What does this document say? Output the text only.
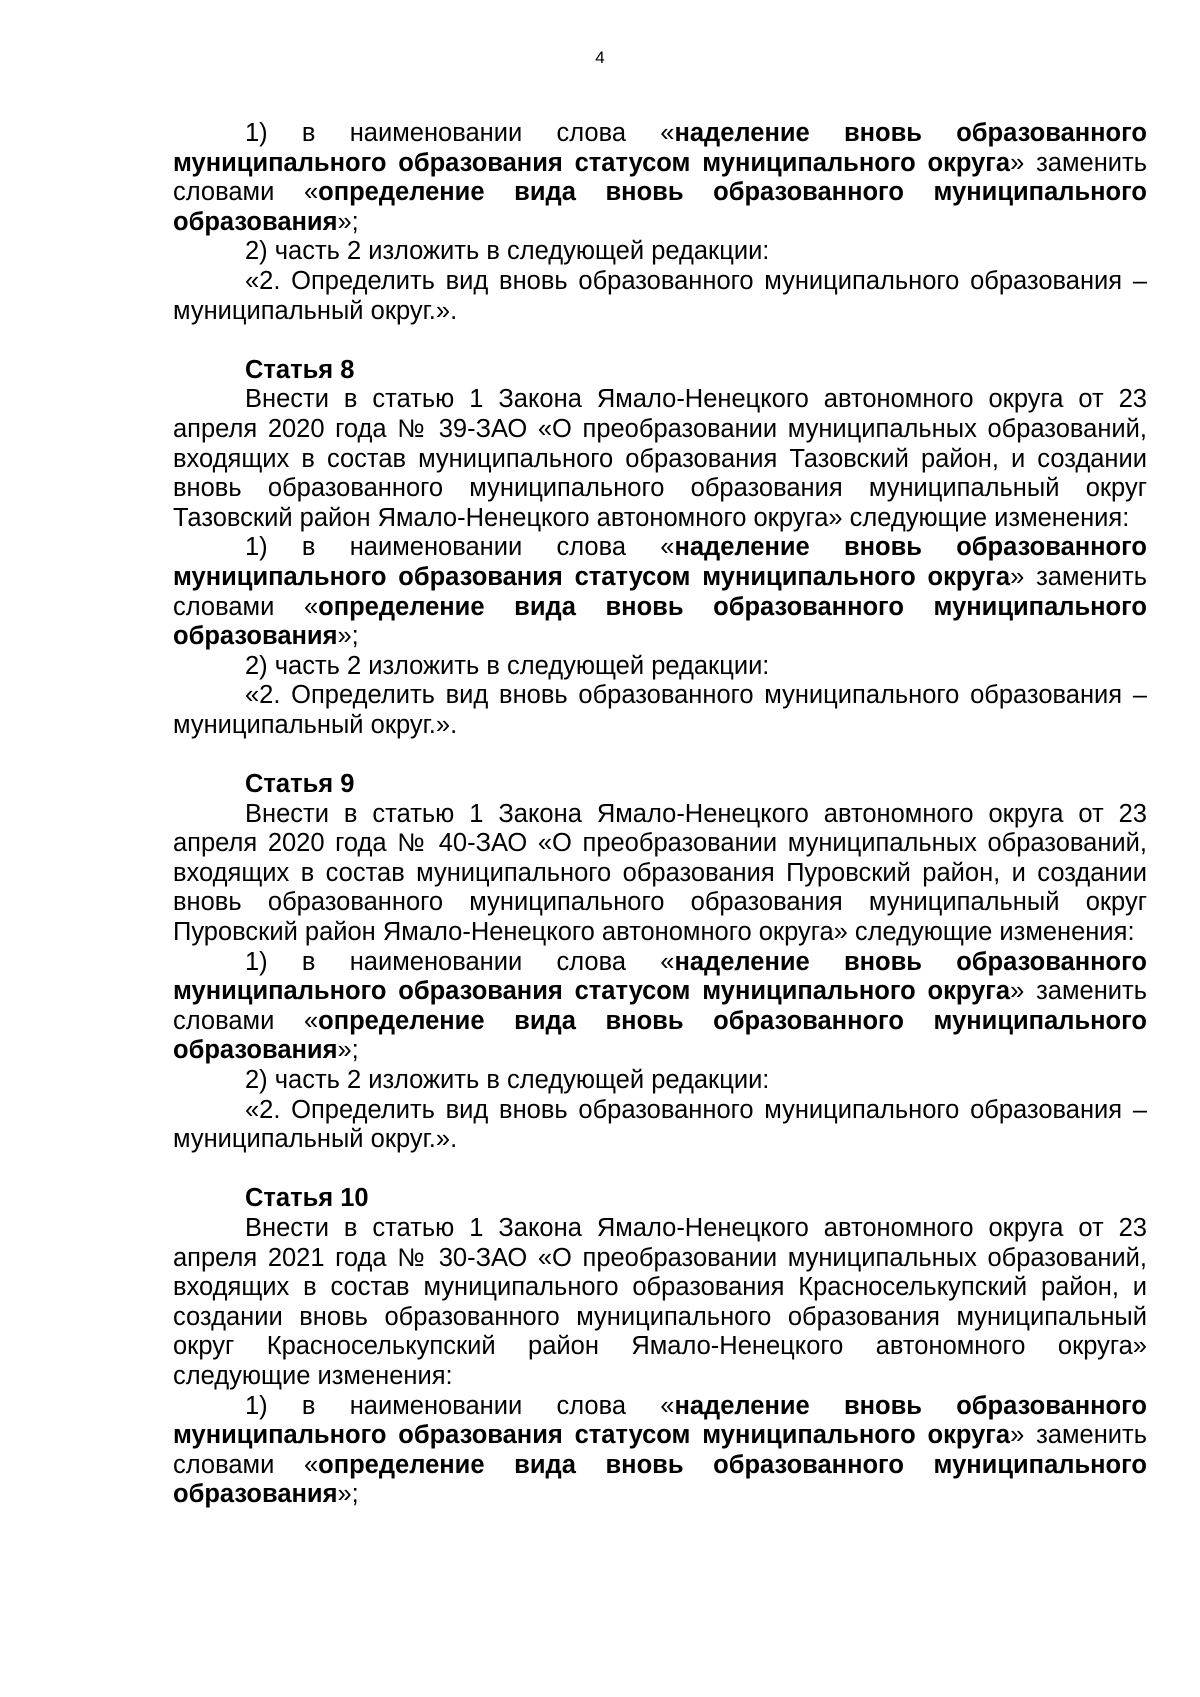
4

1) в наименовании слова «наделение вновь образованного муниципального образования статусом муниципального округа» заменить словами «определение вида вновь образованного муниципального образования»;

2) часть 2 изложить в следующей редакции:

«2. Определить вид вновь образованного муниципального образования – муниципальный округ.».

Статья 8

Внести в статью 1 Закона Ямало-Ненецкого автономного округа от 23 апреля 2020 года № 39-ЗАО «О преобразовании муниципальных образований, входящих в состав муниципального образования Тазовский район, и создании вновь образованного муниципального образования муниципальный округ Тазовский район Ямало-Ненецкого автономного округа» следующие изменения:

1) в наименовании слова «наделение вновь образованного муниципального образования статусом муниципального округа» заменить словами «определение вида вновь образованного муниципального образования»;

2) часть 2 изложить в следующей редакции:

«2. Определить вид вновь образованного муниципального образования – муниципальный округ.».

Статья 9

Внести в статью 1 Закона Ямало-Ненецкого автономного округа от 23 апреля 2020 года № 40-ЗАО «О преобразовании муниципальных образований, входящих в состав муниципального образования Пуровский район, и создании вновь образованного муниципального образования муниципальный округ Пуровский район Ямало-Ненецкого автономного округа» следующие изменения:

1) в наименовании слова «наделение вновь образованного муниципального образования статусом муниципального округа» заменить словами «определение вида вновь образованного муниципального образования»;

2) часть 2 изложить в следующей редакции:

«2. Определить вид вновь образованного муниципального образования – муниципальный округ.».

Статья 10

Внести в статью 1 Закона Ямало-Ненецкого автономного округа от 23 апреля 2021 года № 30-ЗАО «О преобразовании муниципальных образований, входящих в состав муниципального образования Красноселькупский район, и создании вновь образованного муниципального образования муниципальный округ Красноселькупский район Ямало-Ненецкого автономного округа» следующие изменения:

1) в наименовании слова «наделение вновь образованного муниципального образования статусом муниципального округа» заменить словами «определение вида вновь образованного муниципального образования»;
